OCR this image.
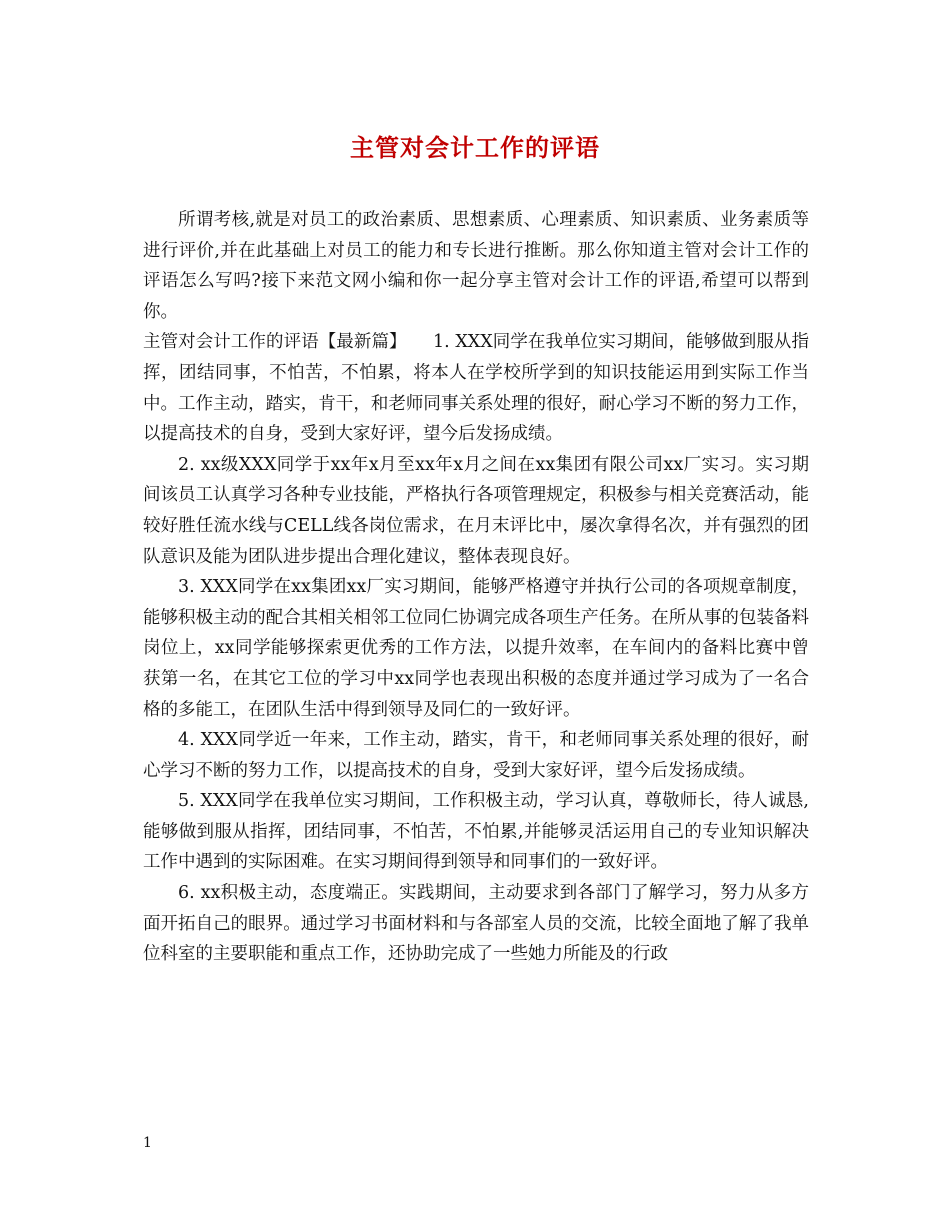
主管对会计工作的评语

所谓考核,就是对员工的政治素质、思想素质、心理素质、知识素质、业务素质等进行评价,并在此基础上对员工的能力和专长进行推断。那么你知道主管对会计工作的评语怎么写吗?接下来范文网小编和你一起分享主管对会计工作的评语,希望可以帮到你。

主管对会计工作的评语【最新篇】　　1. XXX同学在我单位实习期间，能够做到服从指挥，团结同事，不怕苦，不怕累，将本人在学校所学到的知识技能运用到实际工作当中。工作主动，踏实，肯干，和老师同事关系处理的很好，耐心学习不断的努力工作，以提高技术的自身，受到大家好评，望今后发扬成绩。

2. xx级XXX同学于xx年x月至xx年x月之间在xx集团有限公司xx厂实习。实习期间该员工认真学习各种专业技能，严格执行各项管理规定，积极参与相关竞赛活动，能较好胜任流水线与CELL线各岗位需求，在月末评比中，屡次拿得名次，并有强烈的团队意识及能为团队进步提出合理化建议，整体表现良好。

3. XXX同学在xx集团xx厂实习期间，能够严格遵守并执行公司的各项规章制度，能够积极主动的配合其相关相邻工位同仁协调完成各项生产任务。在所从事的包装备料岗位上，xx同学能够探索更优秀的工作方法，以提升效率，在车间内的备料比赛中曾获第一名，在其它工位的学习中xx同学也表现出积极的态度并通过学习成为了一名合格的多能工，在团队生活中得到领导及同仁的一致好评。

4. XXX同学近一年来，工作主动，踏实，肯干，和老师同事关系处理的很好，耐心学习不断的努力工作，以提高技术的自身，受到大家好评，望今后发扬成绩。

5. XXX同学在我单位实习期间，工作积极主动，学习认真，尊敬师长，待人诚恳,能够做到服从指挥，团结同事，不怕苦，不怕累,并能够灵活运用自己的专业知识解决工作中遇到的实际困难。在实习期间得到领导和同事们的一致好评。

6. xx积极主动，态度端正。实践期间，主动要求到各部门了解学习，努力从多方面开拓自己的眼界。通过学习书面材料和与各部室人员的交流，比较全面地了解了我单位科室的主要职能和重点工作，还协助完成了一些她力所能及的行政

1
